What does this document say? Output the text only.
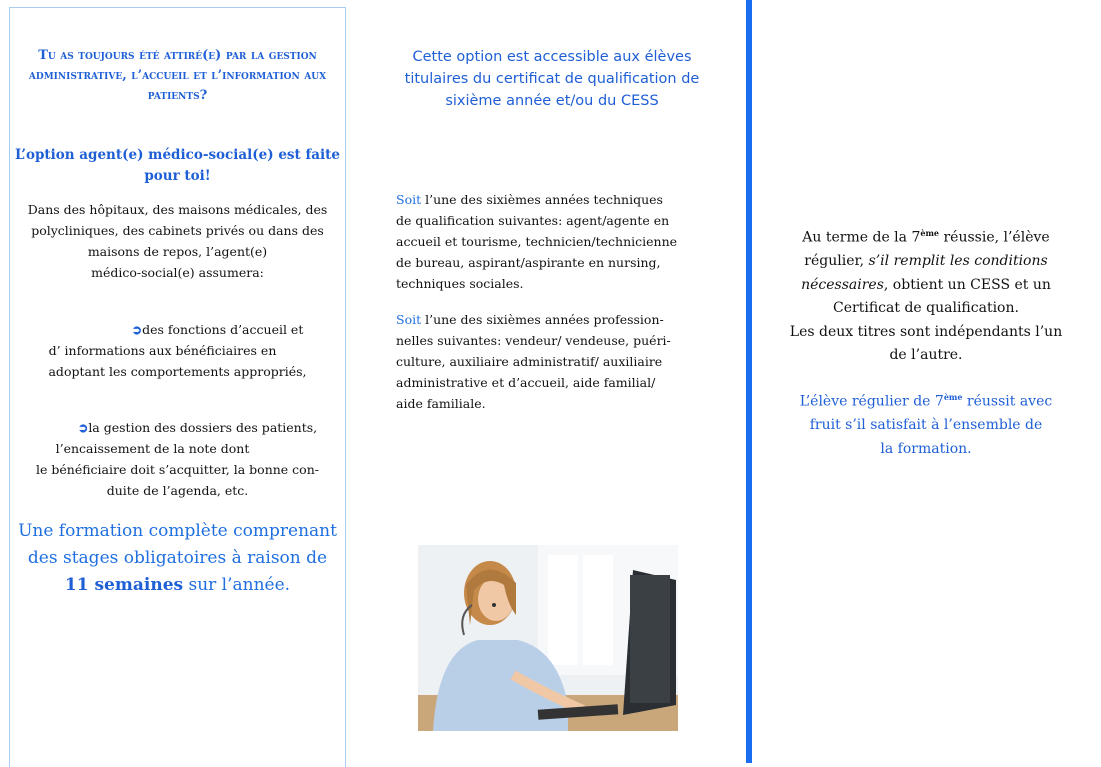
Tu as toujours été attiré(e) par la gestion administrative, l’accueil et l’information aux patients?
L’option agent(e) médico-social(e) est faite
pour toi!
Dans des hôpitaux, des maisons médicales, des
polycliniques, des cabinets privés ou dans des
maisons de repos, l’agent(e)
médico-social(e) assumera:
➲des fonctions d’accueil et
d’ informations aux bénéficiaires en
adoptant les comportements appropriés,
➲la gestion des dossiers des patients,
l’encaissement de la note dont
le bénéficiaire doit s’acquitter, la bonne con-
duite de l’agenda, etc.
Une formation complète comprenant
des stages obligatoires à raison de
11 semaines sur l’année.
Cette option est accessible aux élèves
titulaires du certificat de qualification de
sixième année et/ou du CESS
Soit l’une des sixièmes années techniques
de qualification suivantes: agent/agente en
accueil et tourisme, technicien/technicienne
de bureau, aspirant/aspirante en nursing,
techniques sociales.
Soit l’une des sixièmes années profession-
nelles suivantes: vendeur/ vendeuse, puéri-
culture, auxiliaire administratif/ auxiliaire
administrative et d’accueil, aide familial/
aide familiale.
Au terme de la 7ème réussie, l’élève
régulier, s’il remplit les conditions
nécessaires, obtient un CESS et un
Certificat de qualification.
Les deux titres sont indépendants l’un
de l’autre.
L’élève régulier de 7ème réussit avec
fruit s’il satisfait à l’ensemble de
la formation.
